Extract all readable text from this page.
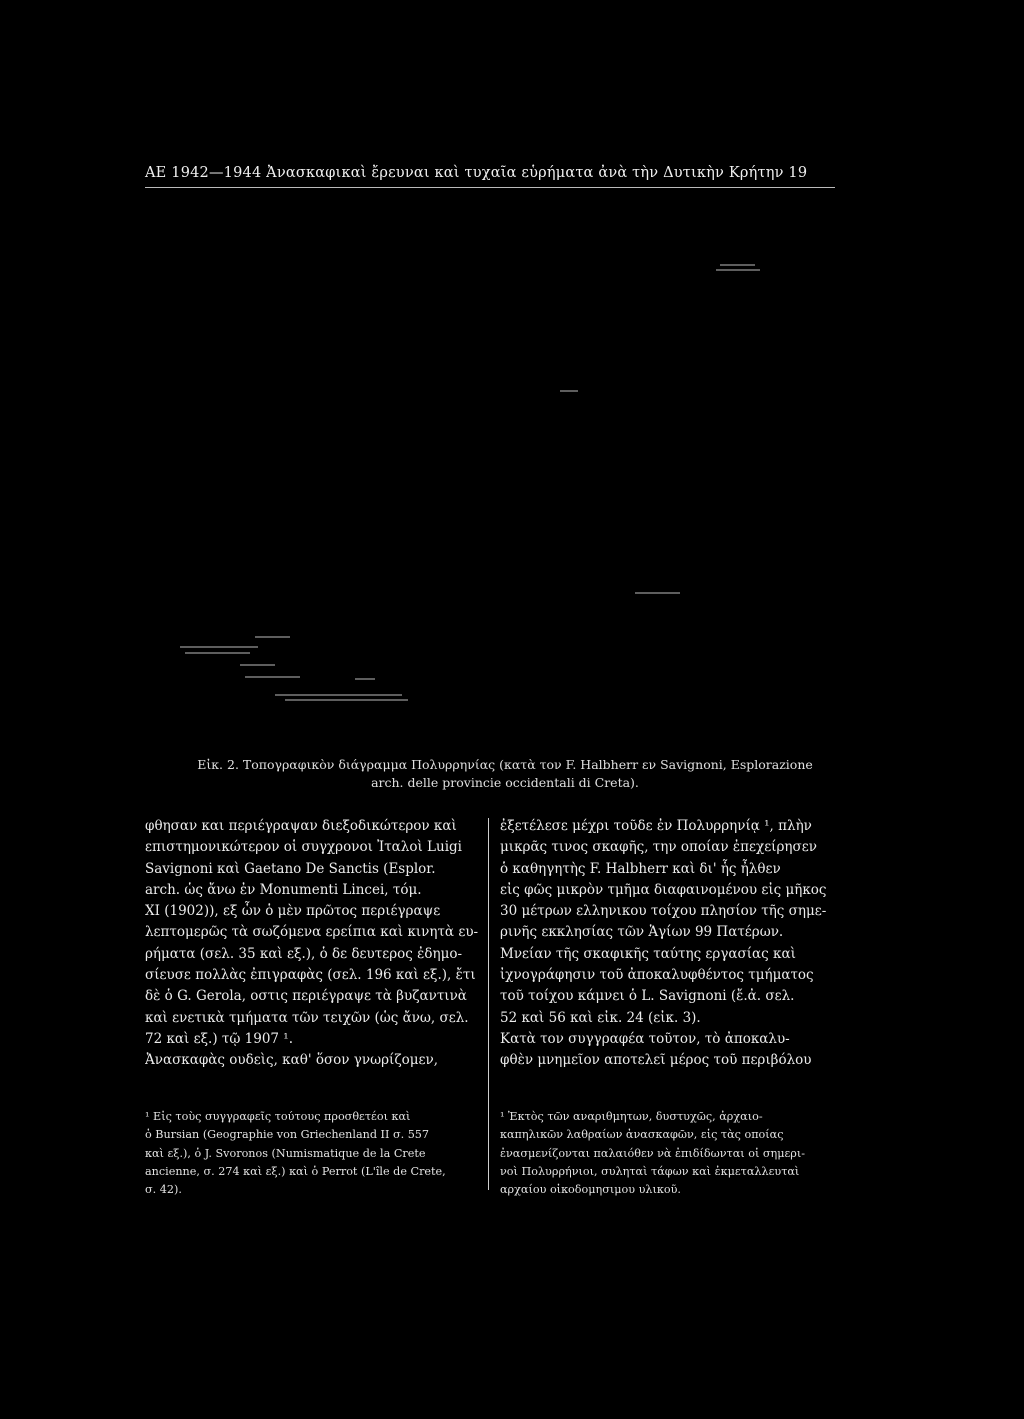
ΑΕ 1942—1944 Ἀνασκαφικαὶ ἔρευναι καὶ τυχαῖα εὑρήματα ἀνὰ τὴν Δυτικὴν Κρήτην 19
Εἰκ. 2. Τοπογραφικὸν διάγραμμα Πολυρρηνίας (κατὰ τον F. Halbherr εν Savignoni, Esplorazione
arch. delle provincie occidentali di Creta).
φθησαν και περιέγραψαν διεξοδικώτερον καὶ
επιστημονικώτερον οἱ συγχρονοι Ἰταλοὶ Luigi
Savignoni καὶ Gaetano De Sanctis (Esplor.
arch. ὡς ἄνω ἐν Monumenti Lincei, τόμ.
XI (1902)), εξ ὧν ὁ μὲν πρῶτος περιέγραψε
λεπτομερῶς τὰ σωζόμενα ερείπια καὶ κινητὰ ευ-
ρήματα (σελ. 35 καὶ εξ.), ὁ δε δευτερος ἐδημο-
σίευσε πολλὰς ἐπιγραφὰς (σελ. 196 καὶ εξ.), ἔτι
δὲ ὁ G. Gerola, οστις περιέγραψε τὰ βυζαντινὰ
καὶ ενετικὰ τμήματα τῶν τειχῶν (ὡς ἄνω, σελ.
72 καὶ εξ.) τῷ 1907 ¹.
Ἀνασκαφὰς ουδεὶς, καθ' ὅσον γνωρίζομεν,
ἐξετέλεσε μέχρι τοῦδε ἐν Πολυρρηνίᾳ ¹, πλὴν
μικρᾶς τινος σκαφῆς, την οποίαν ἐπεχείρησεν
ὁ καθηγητὴς F. Halbherr καὶ δι' ἧς ἦλθεν
εἰς φῶς μικρὸν τμῆμα διαφαινομένου εἰς μῆκος
30 μέτρων ελληνικου τοίχου πλησίον τῆς σημε-
ρινῆς εκκλησίας τῶν Ἁγίων 99 Πατέρων.
Μνείαν τῆς σκαφικῆς ταύτης εργασίας καὶ
ἰχνογράφησιν τοῦ ἀποκαλυφθέντος τμήματος
τοῦ τοίχου κάμνει ὁ L. Savignoni (ἔ.ἀ. σελ.
52 καὶ 56 καὶ εἰκ. 24 (εἰκ. 3).
Κατὰ τον συγγραφέα τοῦτον, τὸ ἀποκαλυ-
φθὲν μνημεῖον αποτελεῖ μέρος τοῦ περιβόλου
¹ Εἰς τοὺς συγγραφεῖς τούτους προσθετέοι καὶ
ὁ Bursian (Geographie von Griechenland II σ. 557
καὶ εξ.), ὁ J. Svoronos (Numismatique de la Crete
ancienne, σ. 274 καὶ εξ.) καὶ ὁ Perrot (L'île de Crete,
σ. 42).
¹ Ἐκτὸς τῶν αναριθμητων, δυστυχῶς, ἀρχαιο-
καπηλικῶν λαθραίων ἀνασκαφῶν, εἰς τὰς οποίας
ἐνασμενίζονται παλαιόθεν νὰ ἐπιδίδωνται οἱ σημερι-
νοὶ Πολυρρήνιοι, συληταὶ τάφων καὶ ἐκμεταλλευταὶ
αρχαίου οἰκοδομησιμου υλικοῦ.
